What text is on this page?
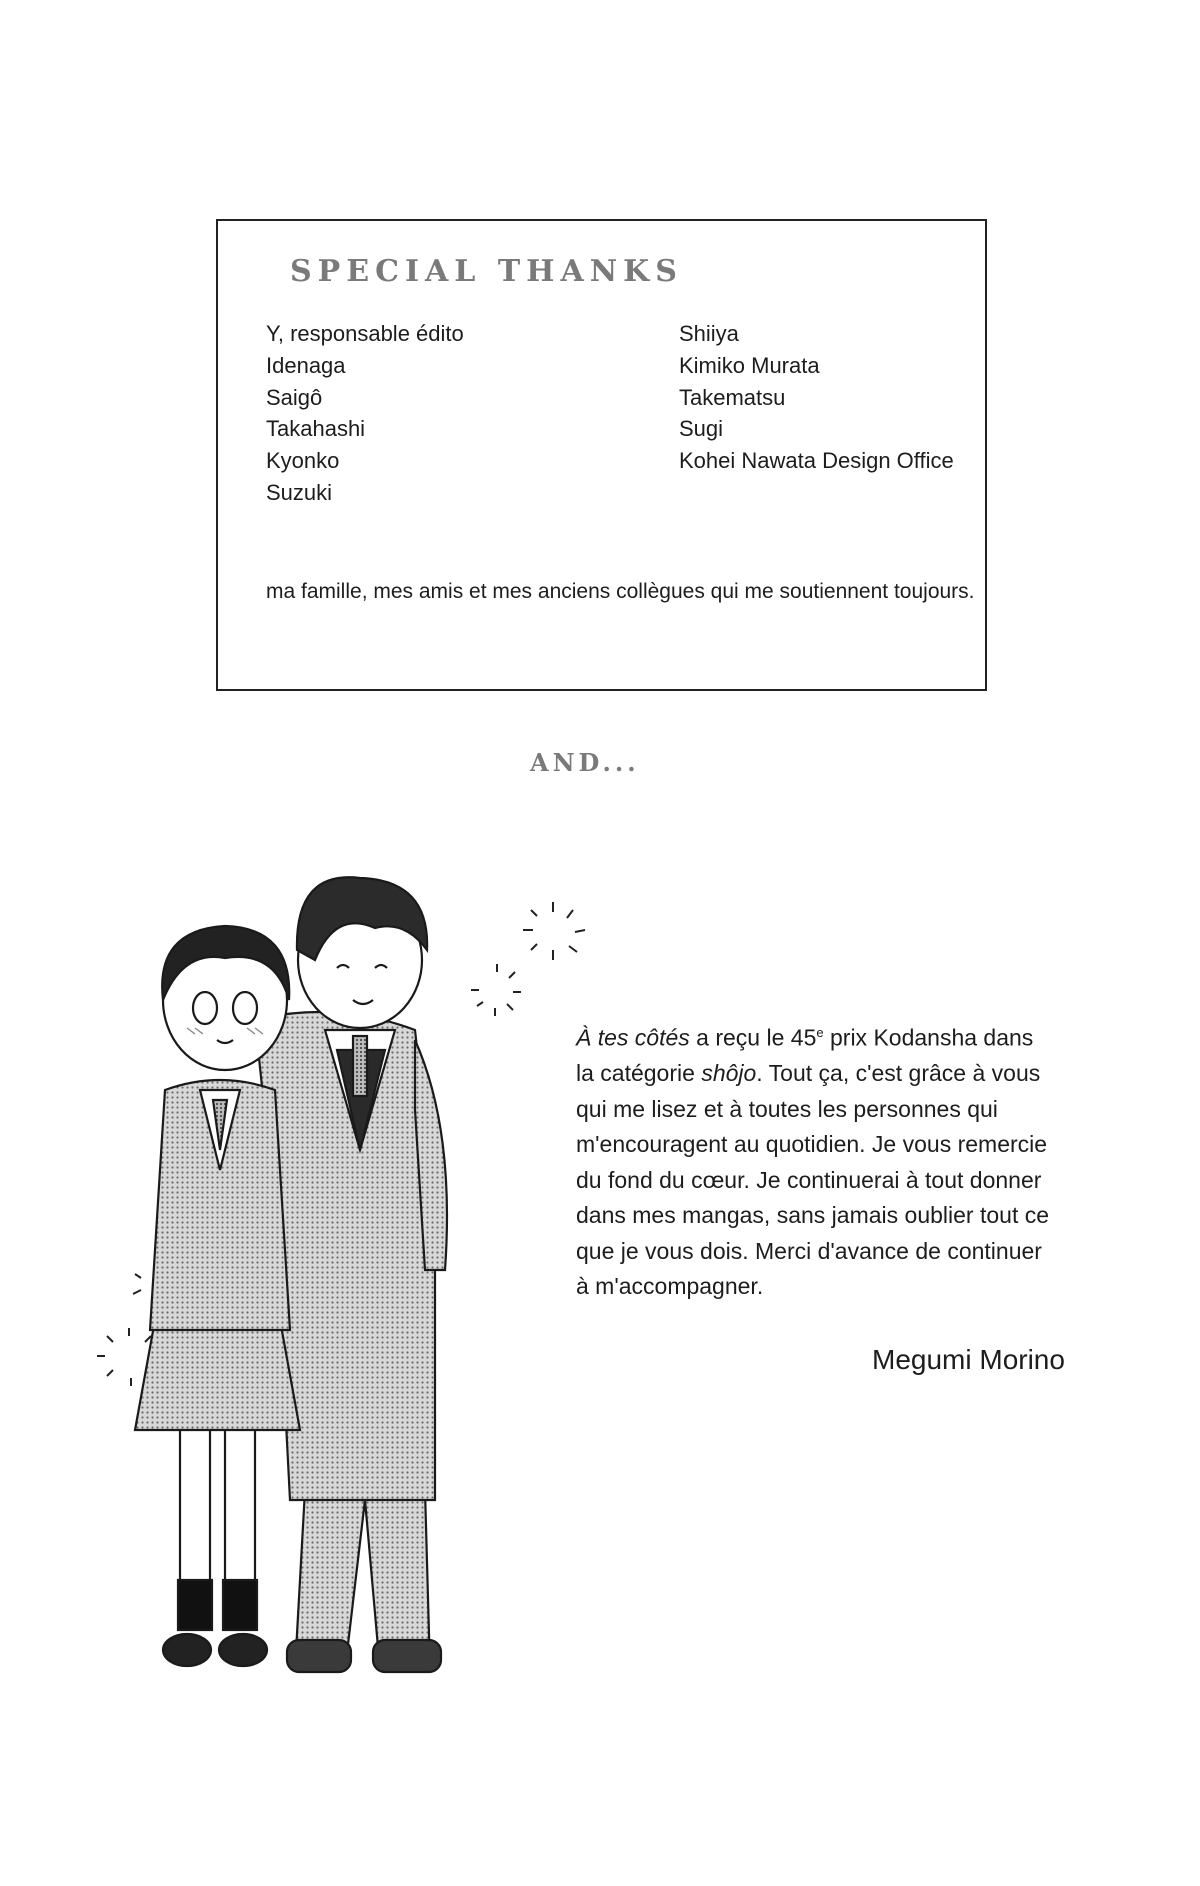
SPECIAL THANKS
Y, responsable édito
Idenaga
Saigô
Takahashi
Kyonko
Suzuki
Shiiya
Kimiko Murata
Takematsu
Sugi
Kohei Nawata Design Office
ma famille, mes amis et mes anciens collègues qui me soutiennent toujours.
AND...
À tes côtés a reçu le 45e prix Kodansha dans la catégorie shôjo. Tout ça, c'est grâce à vous qui me lisez et à toutes les personnes qui m'encouragent au quotidien. Je vous remercie du fond du cœur. Je continuerai à tout donner dans mes mangas, sans jamais oublier tout ce que je vous dois. Merci d'avance de continuer à m'accompagner.
Megumi Morino
